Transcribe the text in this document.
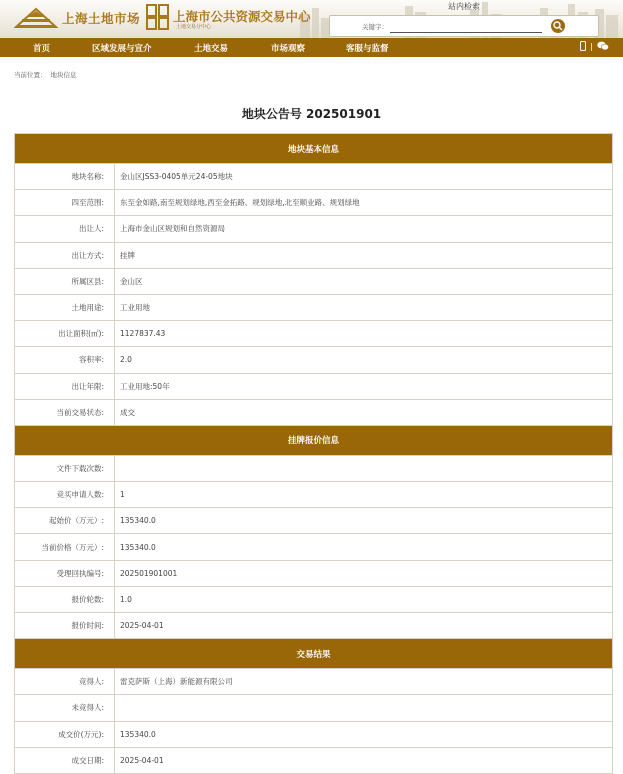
上海土地市场	上海市公共资源交易中心
土地交易分中心
站内检索
关键字：
首页	区域发展与宣介	土地交易	市场观察	客服与监督	|
当前位置： 地块信息
地块公告号 202501901
地块基本信息	
地块名称:	金山区JSS3-0405单元24-05地块
四至范围:	东至金如路,南至规划绿地,西至金拓路、规划绿地,北至顺业路、规划绿地
出让人:	上海市金山区规划和自然资源局
出让方式:	挂牌
所属区县:	金山区
土地用途:	工业用地
出让面积(㎡):	1127837.43
容积率:	2.0
出让年限:	工业用地:50年
当前交易状态:	成交
挂牌报价信息	
文件下载次数:	
竞买申请人数:	1
起始价（万元）:	135340.0
当前价格（万元）:	135340.0
受理回执编号:	202501901001
报价轮数:	1.0
报价时间:	2025-04-01
交易结果	
竞得人:	雷克萨斯（上海）新能源有限公司
未竞得人:	
成交价(万元):	135340.0
成交日期:	2025-04-01
